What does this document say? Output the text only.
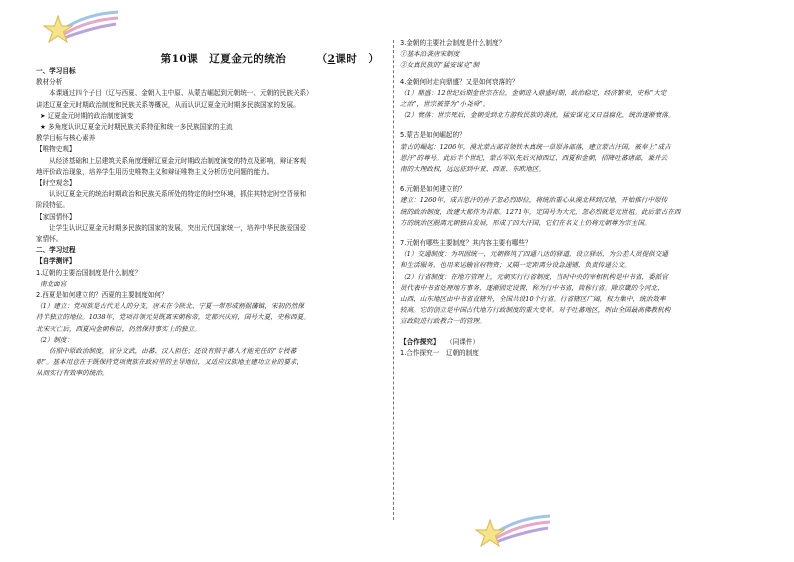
第10课　辽夏金元的统治	（2课时　）
一、学习目标
教材分析
本课通过四个子目（辽与西夏、金朝入主中原、从蒙古崛起到元朝统一、元朝的民族关系）
讲述辽夏金元时期政治制度和民族关系等概况，从而认识辽夏金元时期多民族国家的发展。
➤ 辽夏金元时期的政治制度演变
★ 多角度认识辽夏金元时期民族关系特征和统一多民族国家的主流
教学目标与核心素养
【唯物史观】
从经济基础和上层建筑关系角度理解辽夏金元时期政治制度演变的特点及影响，辩证客观
地评价政治现象，培养学生用历史唯物主义和辩证唯物主义分析历史问题的能力。
【时空观念】
认识辽夏金元的统治时期政治和民族关系所处的特定的时空环境，抓住其特定时空背景和
阶段特征。
【家国情怀】
让学生认识辽夏金元时期多民族的国家的发展，突出元代国家统一，培养中华民族爱国爱
家情怀。
二、学习过程
【自学测评】
1.辽朝的主要治国制度是什么制度？
南北面官
2.西夏是如何建立的？西夏的主要制度如何？
（1）建立：党项族是古代羌人的分支，唐末在今陕北、宁夏一带形成割据藩镇，宋初仍然保
持半独立的地位。1038年，党项首领元昊既离宋朝称帝，定都兴庆府，国号大夏，史称西夏。
北宋灭亡后，西夏向金朝称臣，仍然保持事实上的独立。
（2）制度：
仿照中原政治制度，官分文武，由蕃、汉人担任；还设有照于蕃人才能充任的“专授蕃
职”。基本用意在于既保持党项贵族在政府里的主导地位，又适应汉族地主建功立业的要求，
从而实行有效率的统治。
3.金朝的主要社会制度是什么制度？
①基本沿袭唐宋制度
②女真民族的“猛安谋克”制
4.金朝何时走向鼎盛？又是如何衰落的？
（1）鼎盛：12世纪后期金世宗在位，金朝进入鼎盛时期，政治稳定，经济繁荣，史称“大定
之治”，世宗被誉为“小尧舜”。
（2）衰落：世宗死后，金朝受到北方游牧民族的袭扰，猛安谋克又日益腐化，统治逐渐衰落。
5.蒙古是如何崛起的？
蒙古的崛起：1206年，漠北蒙古部首领铁木真统一草原各部落，建立蒙古汗国，被奉上“成吉
思汗”的尊号。此后半个世纪，蒙古军队先后灭掉西辽、西夏和金朝，招降吐蕃诸部，兼并云
南的大理政权，远远征到中亚、西亚、东欧地区。
6.元朝是如何建立的？
建立：1260年，成吉思汗的孙子忽必烈即位，将统治重心从漠北移到汉地，开始推行中原传
统的政治制度，改建大都作为首都。1271年，定国号为大元，忽必烈就是元世祖。此后蒙古在西
方的统治区脱离元朝独自发展，形成了四大汗国，它们在名义上仍将元朝尊为宗主国。
7.元朝有哪些主要制度？其内容主要有哪些？
（1）交通制度：为巩固统一，元朝修筑了四通八达的驿道，设立驿站，为公差人员提供交通
和生活服务，也用来运输官府物资；又隔一定距离分设急递铺，负责传递公文。
（2）行省制度：在地方管理上，元朝实行行省制度，当时中央的宰相机构是中书省，委派官
员代表中书省处理地方事务，逐渐固定设置，称为行中书省，简称行省。除京畿的今河北、
山西、山东地区由中书省直辖外，全国共设10个行省。行省辖区广阔，权力集中，统治效率
较高。它的创立是中国古代地方行政制度的重大变革。对于吐蕃地区，则由全国最高佛教机构
宣政院进行政教合一的管理。
【合作探究】　　 （同课件）
1.合作探究一　辽朝的制度
